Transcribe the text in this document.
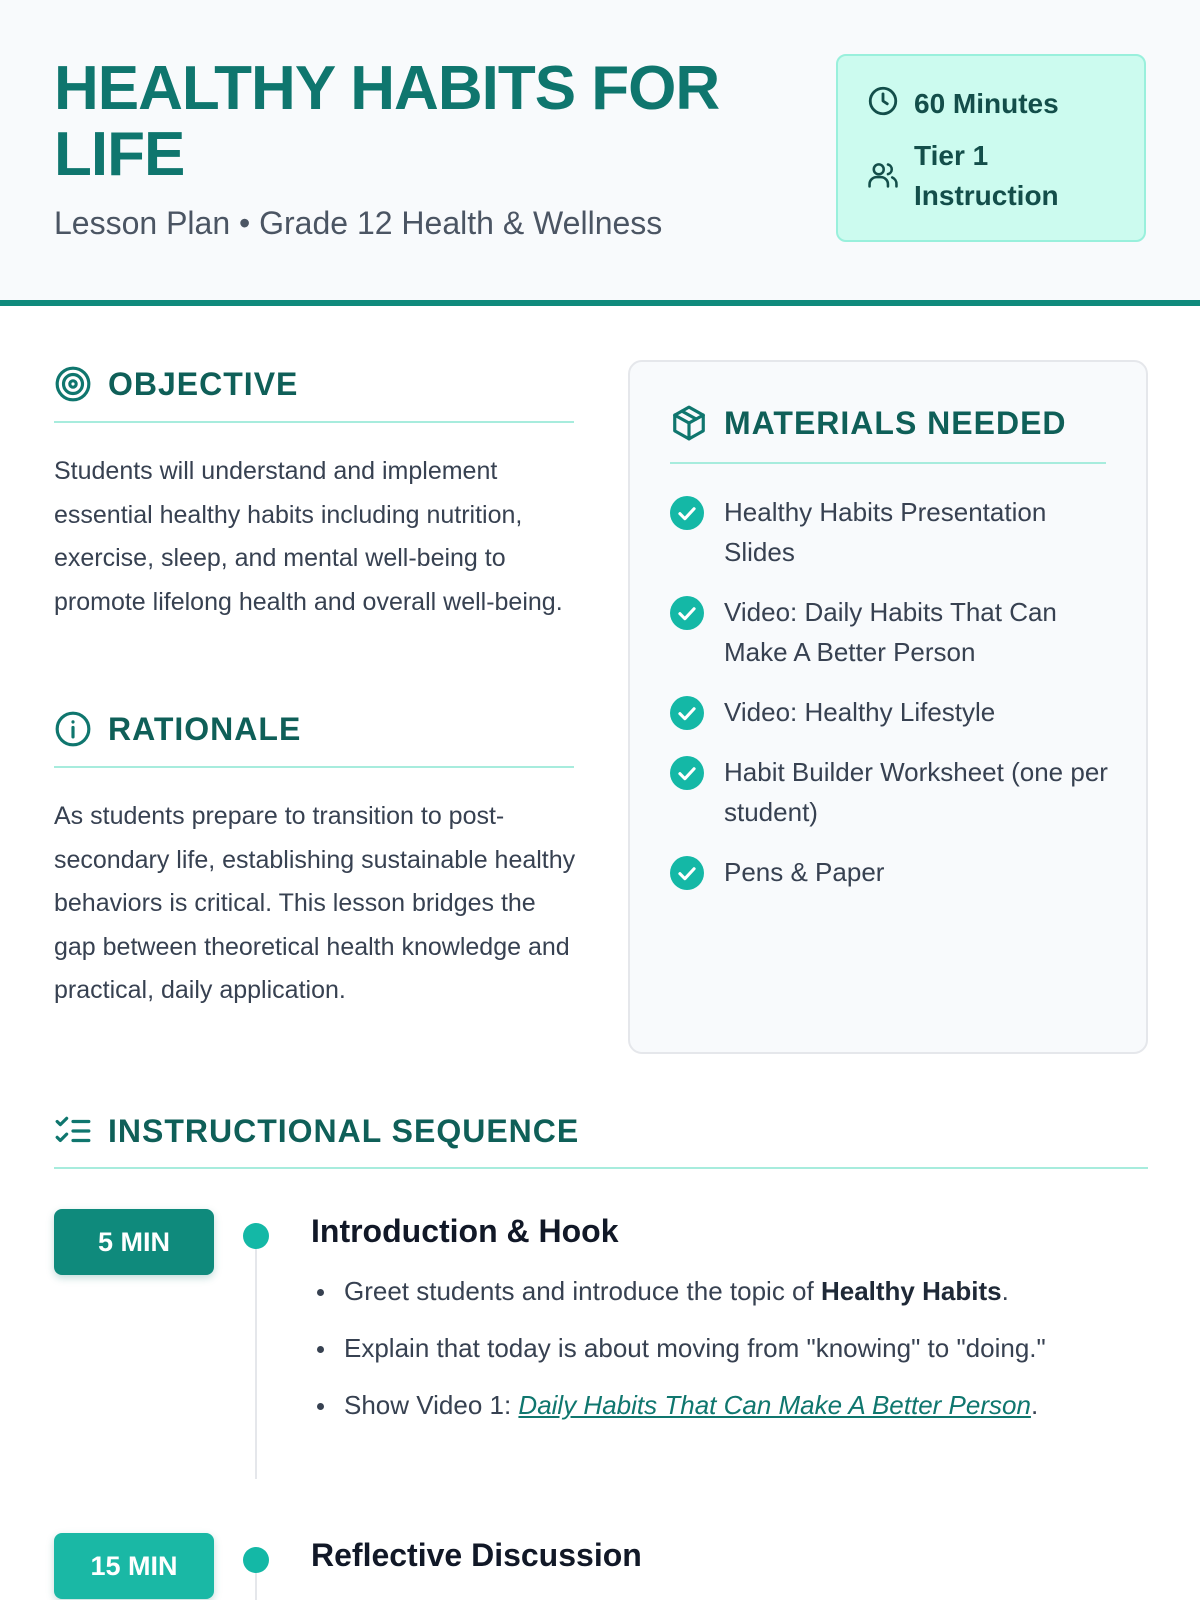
HEALTHY HABITS FOR LIFE
Lesson Plan • Grade 12 Health & Wellness
60 Minutes
Tier 1 Instruction
OBJECTIVE

Students will understand and implement essential healthy habits including nutrition, exercise, sleep, and mental well-being to promote lifelong health and overall well-being.

RATIONALE

As students prepare to transition to post-secondary life, establishing sustainable healthy behaviors is critical. This lesson bridges the gap between theoretical health knowledge and practical, daily application.

MATERIALS NEEDED
Healthy Habits Presentation Slides
Video: Daily Habits That Can Make A Better Person
Video: Healthy Lifestyle
Habit Builder Worksheet (one per student)
Pens & Paper
INSTRUCTIONAL SEQUENCE
5 MIN	Introduction & Hook
Greet students and introduce the topic of Healthy Habits.
Explain that today is about moving from "knowing" to "doing."
Show Video 1: Daily Habits That Can Make A Better Person.
15 MIN	Reflective Discussion
